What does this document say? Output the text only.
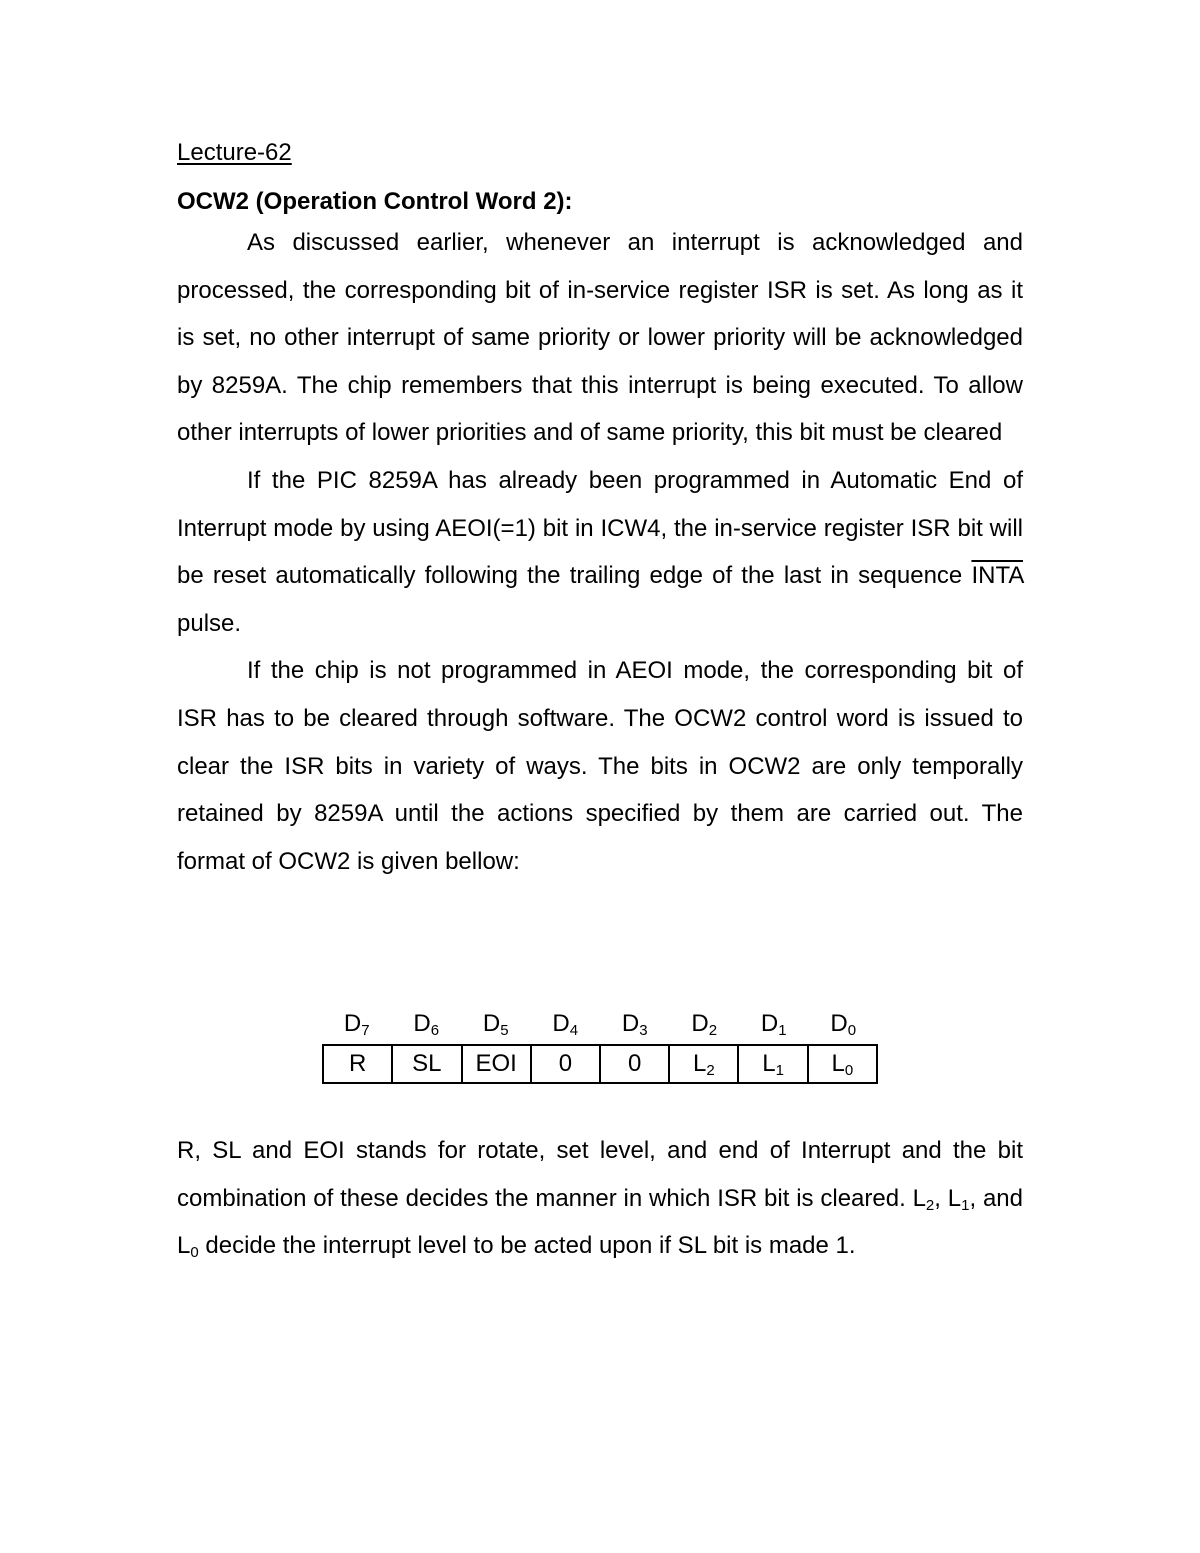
Lecture-62

OCW2 (Operation Control Word 2):

As discussed earlier, whenever an interrupt is acknowledged and processed, the corresponding bit of in-service register ISR is set. As long as it is set, no other interrupt of same priority or lower priority will be acknowledged by 8259A. The chip remembers that this interrupt is being executed. To allow other interrupts of lower priorities and of same priority, this bit must be cleared

If the PIC 8259A has already been programmed in Automatic End of Interrupt mode by using AEOI(=1) bit in ICW4, the in-service register ISR bit will be reset automatically following the trailing edge of the last in sequence INTA pulse.

If the chip is not programmed in AEOI mode, the corresponding bit of ISR has to be cleared through software. The OCW2 control word is issued to clear the ISR bits in variety of ways. The bits in OCW2 are only temporally retained by 8259A until the actions specified by them are carried out. The format of OCW2 is given bellow:

$D_7$	$D_6$	$D_5$	$D_4$	$D_3$	$D_2$	$D_1$	$D_0$
R	SL	EOI	0	0	$L_2$	$L_1$	$L_0$

R, SL and EOI stands for rotate, set level, and end of Interrupt and the bit combination of these decides the manner in which ISR bit is cleared. $L_2$, $L_1$, and $L_0$ decide the interrupt level to be acted upon if SL bit is made 1.
